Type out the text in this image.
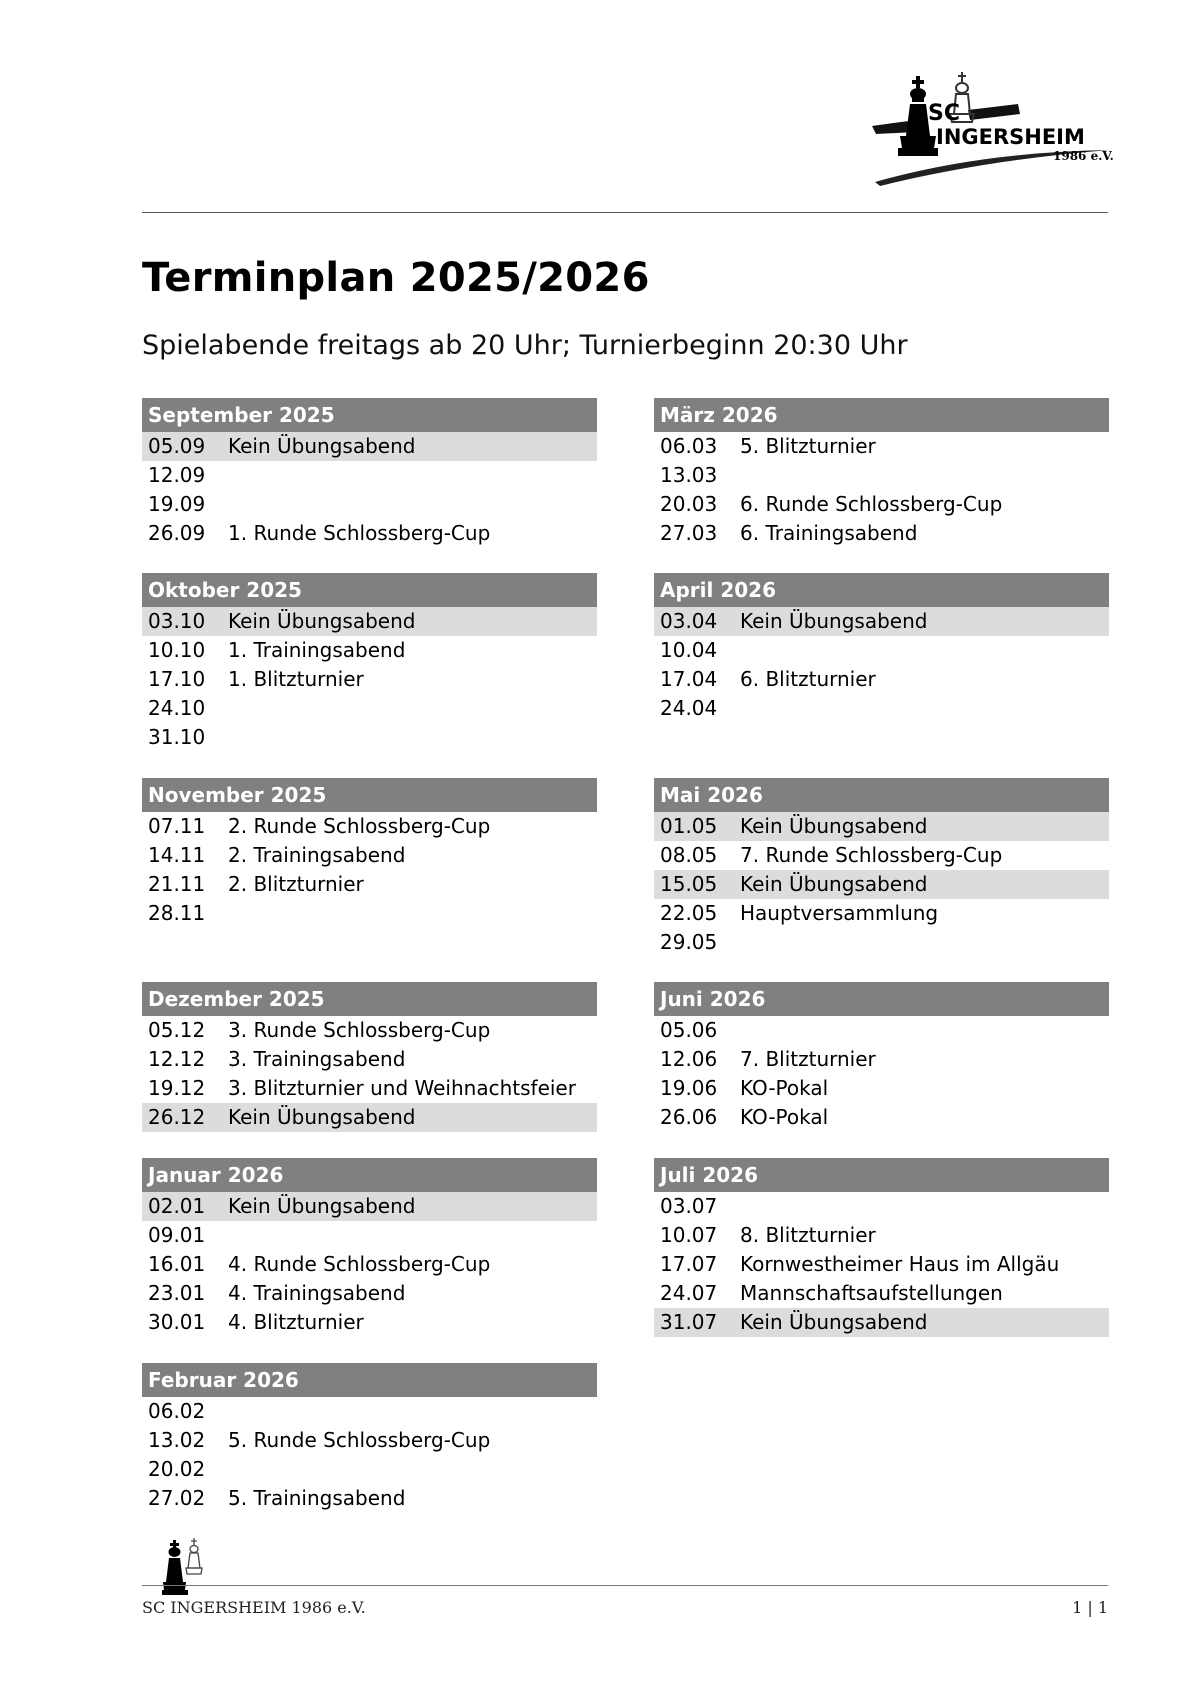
SC
INGERSHEIM
1986 e.V.
Terminplan 2025/2026
Spielabende freitags ab 20 Uhr; Turnierbeginn 20:30 Uhr
September 2025
05.09	Kein Übungsabend
12.09
19.09
26.09	1. Runde Schlossberg-Cup
Oktober 2025
03.10	Kein Übungsabend
10.10	1. Trainingsabend
17.10	1. Blitzturnier
24.10
31.10
November 2025
07.11	2. Runde Schlossberg-Cup
14.11	2. Trainingsabend
21.11	2. Blitzturnier
28.11
Dezember 2025
05.12	3. Runde Schlossberg-Cup
12.12	3. Trainingsabend
19.12	3. Blitzturnier und Weihnachtsfeier
26.12	Kein Übungsabend
Januar 2026
02.01	Kein Übungsabend
09.01
16.01	4. Runde Schlossberg-Cup
23.01	4. Trainingsabend
30.01	4. Blitzturnier
Februar 2026
06.02
13.02	5. Runde Schlossberg-Cup
20.02
27.02	5. Trainingsabend
März 2026
06.03	5. Blitzturnier
13.03
20.03	6. Runde Schlossberg-Cup
27.03	6. Trainingsabend
April 2026
03.04	Kein Übungsabend
10.04
17.04	6. Blitzturnier
24.04
Mai 2026
01.05	Kein Übungsabend
08.05	7. Runde Schlossberg-Cup
15.05	Kein Übungsabend
22.05	Hauptversammlung
29.05
Juni 2026
05.06
12.06	7. Blitzturnier
19.06	KO-Pokal
26.06	KO-Pokal
Juli 2026
03.07
10.07	8. Blitzturnier
17.07	Kornwestheimer Haus im Allgäu
24.07	Mannschaftsaufstellungen
31.07	Kein Übungsabend
SC INGERSHEIM 1986 e.V.	1 | 1
